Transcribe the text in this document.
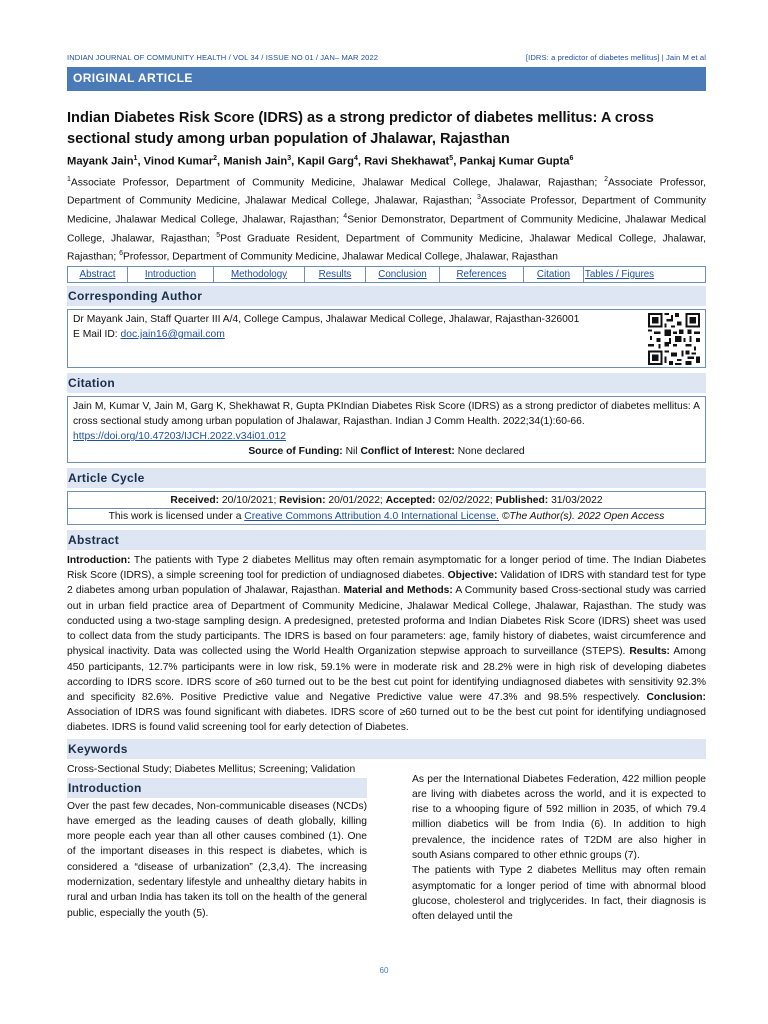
INDIAN JOURNAL OF COMMUNITY HEALTH / VOL 34 / ISSUE NO 01 / JAN– MAR 2022	[IDRS: a predictor of diabetes mellitus] | Jain M et al
ORIGINAL ARTICLE
Indian Diabetes Risk Score (IDRS) as a strong predictor of diabetes mellitus: A cross sectional study among urban population of Jhalawar, Rajasthan
Mayank Jain$^1$, Vinod Kumar$^2$, Manish Jain$^3$, Kapil Garg$^4$, Ravi Shekhawat$^5$, Pankaj Kumar Gupta$^6$
$^1$Associate Professor, Department of Community Medicine, Jhalawar Medical College, Jhalawar, Rajasthan; $^2$Associate Professor, Department of Community Medicine, Jhalawar Medical College, Jhalawar, Rajasthan; $^3$Associate Professor, Department of Community Medicine, Jhalawar Medical College, Jhalawar, Rajasthan; $^4$Senior Demonstrator, Department of Community Medicine, Jhalawar Medical College, Jhalawar, Rajasthan; $^5$Post Graduate Resident, Department of Community Medicine, Jhalawar Medical College, Jhalawar, Rajasthan; $^6$Professor, Department of Community Medicine, Jhalawar Medical College, Jhalawar, Rajasthan
Abstract	Introduction	Methodology	Results	Conclusion	References	Citation	Tables / Figures
Corresponding Author
Dr Mayank Jain, Staff Quarter III A/4, College Campus, Jhalawar Medical College, Jhalawar, Rajasthan-326001
E Mail ID: doc.jain16@gmail.com
Citation
Jain M, Kumar V, Jain M, Garg K, Shekhawat R, Gupta PKIndian Diabetes Risk Score (IDRS) as a strong predictor of diabetes mellitus: A cross sectional study among urban population of Jhalawar, Rajasthan. Indian J Comm Health. 2022;34(1):60-66.
https://doi.org/10.47203/IJCH.2022.v34i01.012
Source of Funding: Nil Conflict of Interest: None declared
Article Cycle
Received: 20/10/2021; Revision: 20/01/2022; Accepted: 02/02/2022; Published: 31/03/2022
This work is licensed under a Creative Commons Attribution 4.0 International License. ©The Author(s). 2022 Open Access
Abstract
Introduction: The patients with Type 2 diabetes Mellitus may often remain asymptomatic for a longer period of time. The Indian Diabetes Risk Score (IDRS), a simple screening tool for prediction of undiagnosed diabetes. Objective: Validation of IDRS with standard test for type 2 diabetes among urban population of Jhalawar, Rajasthan. Material and Methods: A Community based Cross-sectional study was carried out in urban field practice area of Department of Community Medicine, Jhalawar Medical College, Jhalawar, Rajasthan. The study was conducted using a two-stage sampling design. A predesigned, pretested proforma and Indian Diabetes Risk Score (IDRS) sheet was used to collect data from the study participants. The IDRS is based on four parameters: age, family history of diabetes, waist circumference and physical inactivity. Data was collected using the World Health Organization stepwise approach to surveillance (STEPS). Results: Among 450 participants, 12.7% participants were in low risk, 59.1% were in moderate risk and 28.2% were in high risk of developing diabetes according to IDRS score. IDRS score of ≥60 turned out to be the best cut point for identifying undiagnosed diabetes with sensitivity 92.3% and specificity 82.6%. Positive Predictive value and Negative Predictive value were 47.3% and 98.5% respectively. Conclusion: Association of IDRS was found significant with diabetes. IDRS score of ≥60 turned out to be the best cut point for identifying undiagnosed diabetes. IDRS is found valid screening tool for early detection of Diabetes.
Keywords
Cross-Sectional Study; Diabetes Mellitus; Screening; Validation
Introduction

Over the past few decades, Non-communicable diseases (NCDs) have emerged as the leading causes of death globally, killing more people each year than all other causes combined (1). One of the important diseases in this respect is diabetes, which is considered a “disease of urbanization” (2,3,4). The increasing modernization, sedentary lifestyle and unhealthy dietary habits in rural and urban India has taken its toll on the health of the general public, especially the youth (5).

As per the International Diabetes Federation, 422 million people are living with diabetes across the world, and it is expected to rise to a whooping figure of 592 million in 2035, of which 79.4 million diabetics will be from India (6). In addition to high prevalence, the incidence rates of T2DM are also higher in south Asians compared to other ethnic groups (7).

The patients with Type 2 diabetes Mellitus may often remain asymptomatic for a longer period of time with abnormal blood glucose, cholesterol and triglycerides. In fact, their diagnosis is often delayed until the

60
